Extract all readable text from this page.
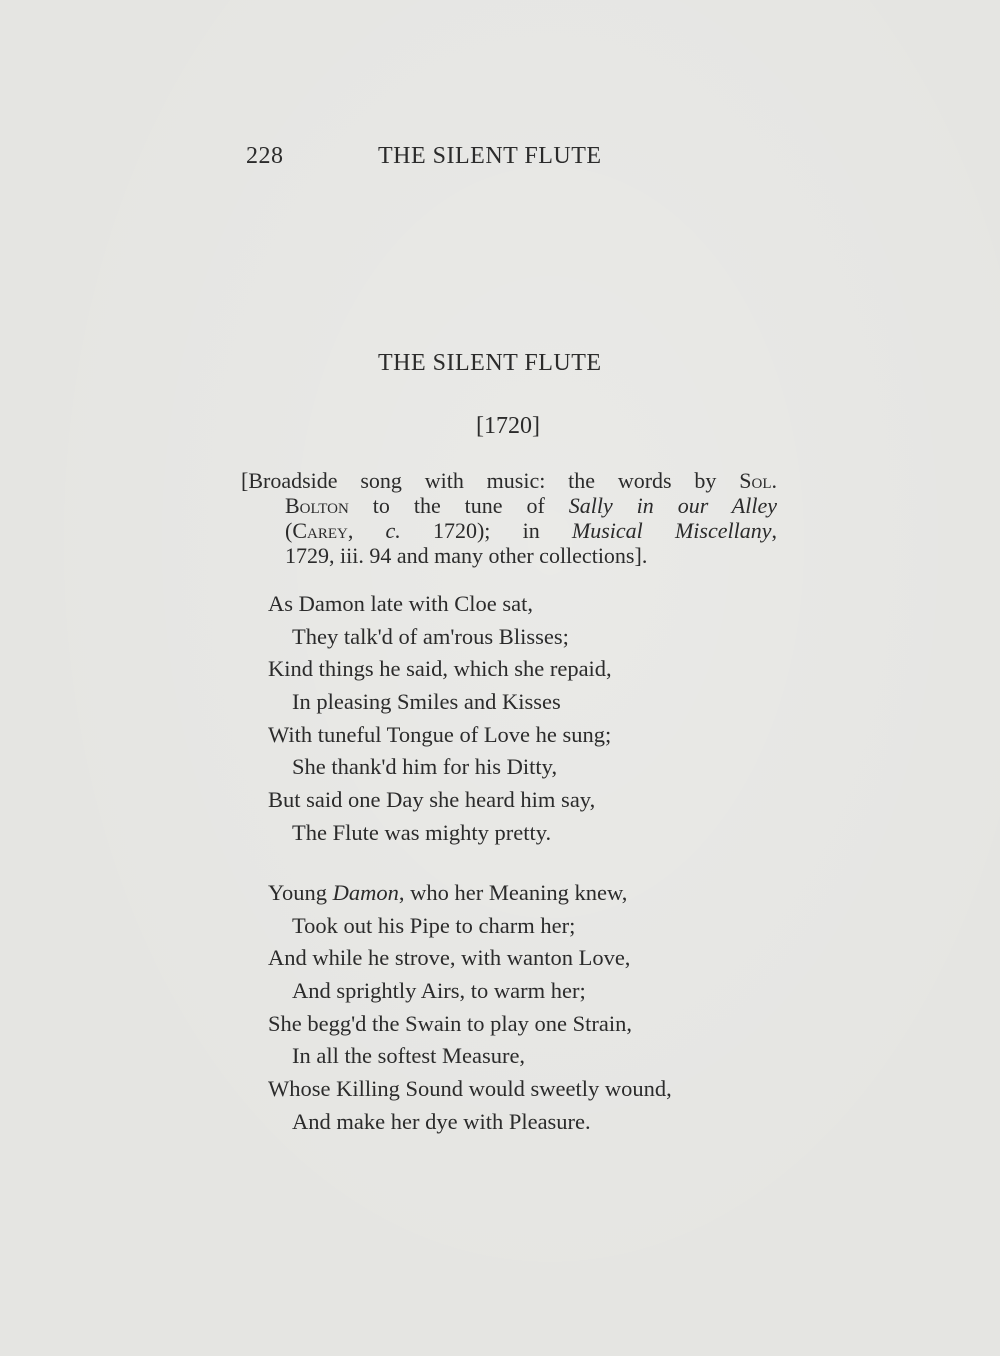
228	THE SILENT FLUTE
THE SILENT FLUTE
[1720]
[Broadside song with music: the words by Sol.
Bolton to the tune of Sally in our Alley
(Carey, c. 1720); in Musical Miscellany,
1729, iii. 94 and many other collections].
As Damon late with Cloe sat,
They talk'd of am'rous Blisses;
Kind things he said, which she repaid,
In pleasing Smiles and Kisses
With tuneful Tongue of Love he sung;
She thank'd him for his Ditty,
But said one Day she heard him say,
The Flute was mighty pretty.
Young Damon, who her Meaning knew,
Took out his Pipe to charm her;
And while he strove, with wanton Love,
And sprightly Airs, to warm her;
She begg'd the Swain to play one Strain,
In all the softest Measure,
Whose Killing Sound would sweetly wound,
And make her dye with Pleasure.
